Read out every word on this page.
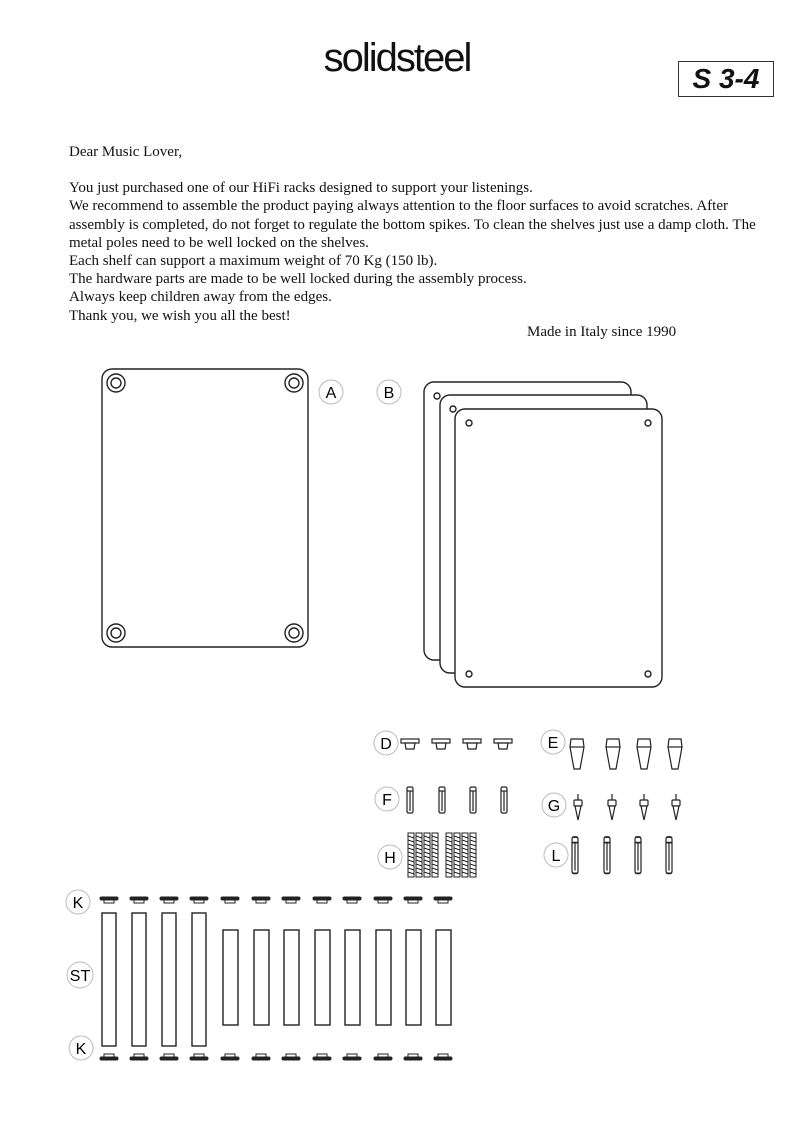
solidsteel	S 3-4

Dear Music Lover,

You just purchased one of our HiFi racks designed to support your listenings.

We recommend to assemble the product paying always attention to the floor surfaces to avoid scratches. After assembly is completed, do not forget to regulate the bottom spikes. To clean the shelves just use a damp cloth. The metal poles need to be well locked on the shelves.

Each shelf can support a maximum weight of 70 Kg (150 lb).

The hardware parts are made to be well locked during the assembly process.

Always keep children away from the edges.

Thank you, we wish you all the best!

Made in Italy since 1990
A	B
D	E
F	G
H	L
K
ST
K
